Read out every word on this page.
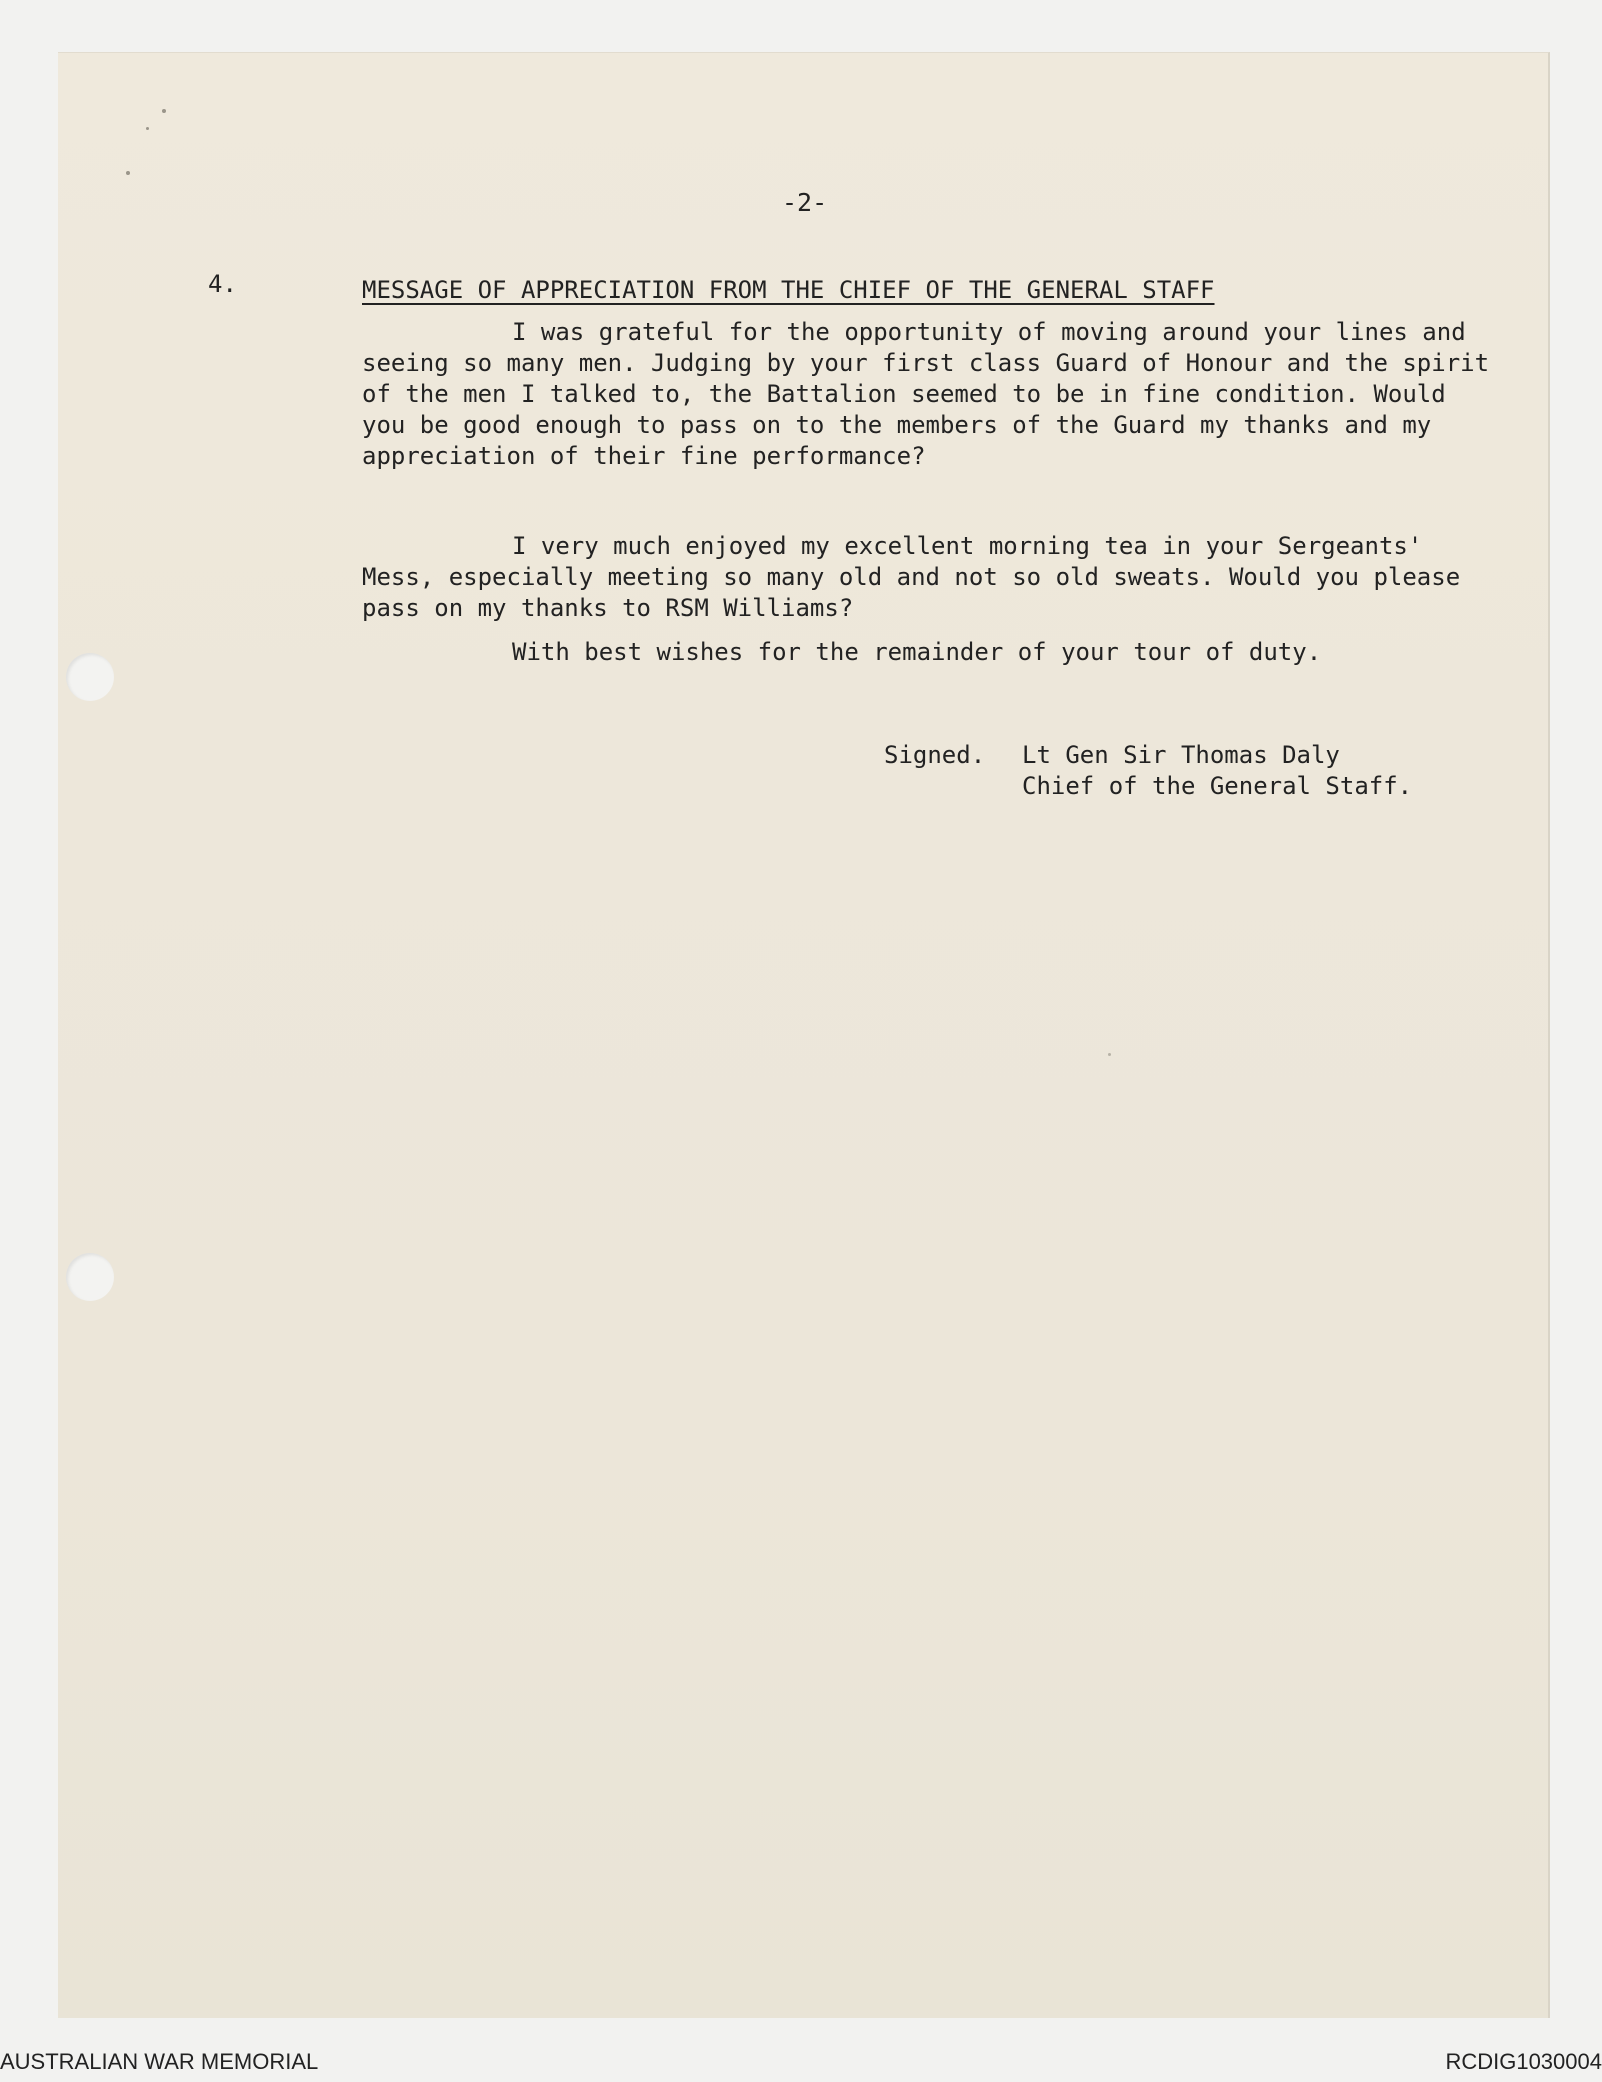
-2-
4.	MESSAGE OF APPRECIATION FROM THE CHIEF OF THE GENERAL STAFF
I was grateful for the opportunity of moving around your lines and seeing so many men. Judging by your first class Guard of Honour and the spirit of the men I talked to, the Battalion seemed to be in fine condition. Would you be good enough to pass on to the members of the Guard my thanks and my appreciation of their fine performance?
I very much enjoyed my excellent morning tea in your Sergeants' Mess, especially meeting so many old and not so old sweats. Would you please pass on my thanks to RSM Williams?
With best wishes for the remainder of your tour of duty.
Signed. Lt Gen Sir Thomas Daly
Chief of the General Staff.
AUSTRALIAN WAR MEMORIAL	RCDIG1030004
